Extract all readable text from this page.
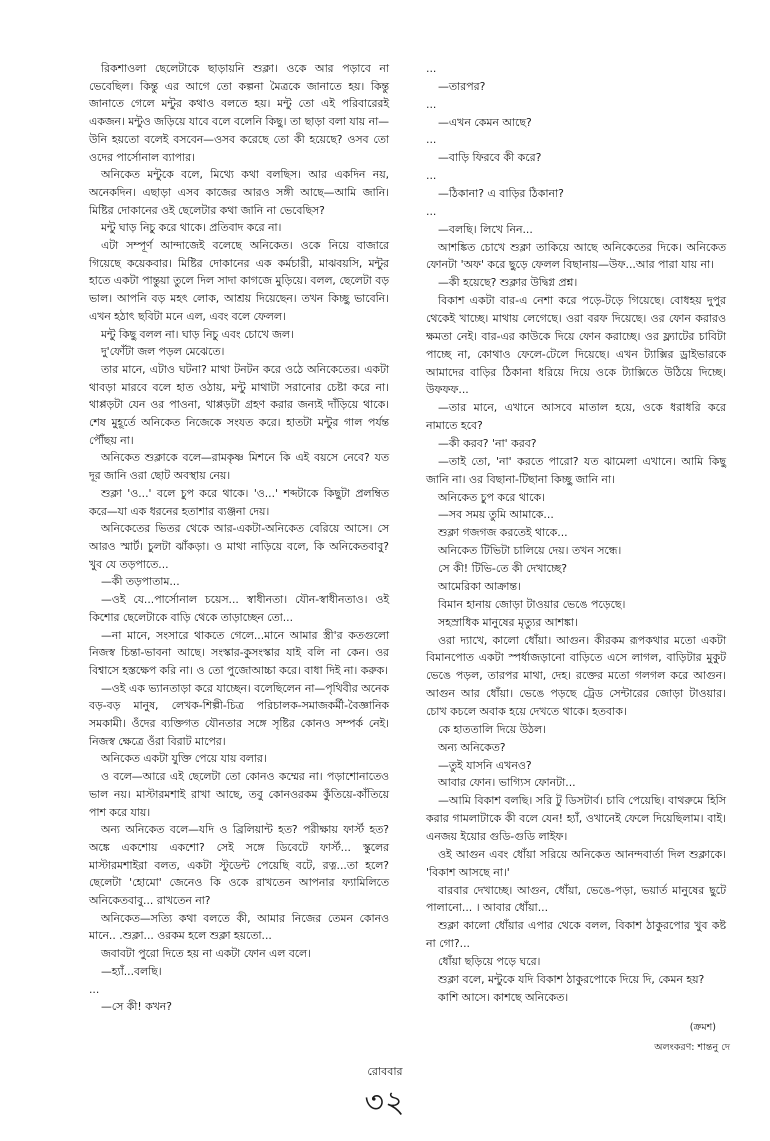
রিকশাওলা ছেলেটাকে ছাড়ায়নি শুক্লা। ওকে আর পড়াবে না ভেবেছিল। কিন্তু এর আগে তো কল্পনা মৈত্রকে জানাতে হয়। কিন্তু জানাতে গেলে মন্টুর কথাও বলতে হয়। মন্টু তো এই পরিবারেরই একজন। মন্টুও জড়িয়ে যাবে বলে বলেনি কিছু। তা ছাড়া বলা যায় না—উনি হয়তো বলেই বসবেন—ওসব করেছে তো কী হয়েছে? ওসব তো ওদের পার্সোনাল ব্যাপার।

অনিকেত মন্টুকে বলে, মিথ্যে কথা বলছিস। আর একদিন নয়, অনেকদিন। এছাড়া এসব কাজের আরও সঙ্গী আছে—আমি জানি। মিষ্টির দোকানের ওই ছেলেটার কথা জানি না ভেবেছিস?

মন্টু ঘাড় নিচু করে থাকে। প্রতিবাদ করে না।

এটা সম্পূর্ণ আন্দাজেই বলেছে অনিকেত। ওকে নিয়ে বাজারে গিয়েছে কয়েকবার। মিষ্টির দোকানের এক কর্মচারী, মাঝবয়সি, মন্টুর হাতে একটা পান্তুয়া তুলে দিল সাদা কাগজে মুড়িয়ে। বলল, ছেলেটা বড় ভাল। আপনি বড় মহৎ লোক, আশ্রয় দিয়েছেন। তখন কিচ্ছু ভাবেনি। এখন হঠাৎ ছবিটা মনে এল, এবং বলে ফেলল।

মন্টু কিছু বলল না। ঘাড় নিচু এবং চোখে জল।

দু'ফোঁটা জল পড়ল মেঝেতে।

তার মানে, এটাও ঘটনা? মাথা টনটন করে ওঠে অনিকেতের। একটা থাবড়া মারবে বলে হাত ওঠায়, মন্টু মাথাটা সরানোর চেষ্টা করে না। থাপ্পড়টা যেন ওর পাওনা, থাপ্পড়টা গ্রহণ করার জন্যই দাঁড়িয়ে থাকে। শেষ মুহূর্তে অনিকেত নিজেকে সংযত করে। হাতটা মন্টুর গাল পর্যন্ত পৌঁছয় না।

অনিকেত শুক্লাকে বলে—রামকৃষ্ণ মিশনে কি এই বয়সে নেবে? যত দূর জানি ওরা ছোট অবস্থায় নেয়।

শুক্লা 'ও...' বলে চুপ করে থাকে। 'ও...' শব্দটাকে কিছুটা প্রলম্বিত করে—যা এক ধরনের হতাশার ব্যঞ্জনা দেয়।

অনিকেতের ভিতর থেকে আর-একটা-অনিকেত বেরিয়ে আসে। সে আরও স্মার্ট। চুলটা ঝাঁকড়া। ও মাথা নাড়িয়ে বলে, কি অনিকেতবাবু? খুব যে তড়পাতে...

—কী তড়পাতাম...

—ওই যে...পার্সোনাল চয়েস... স্বাধীনতা। যৌন-স্বাধীনতাও। ওই কিশোর ছেলেটাকে বাড়ি থেকে তাড়াচ্ছেন তো...

—না মানে, সংসারে থাকতে গেলে...মানে আমার স্ত্রী'র কতগুলো নিজস্ব চিন্তা-ভাবনা আছে। সংস্কার-কুসংস্কার যাই বলি না কেন। ওর বিশ্বাসে হস্তক্ষেপ করি না। ও তো পুজোআচ্চা করে। বাধা দিই না। করুক।

—ওই এক ভ্যানতাড়া করে যাচ্ছেন। বলেছিলেন না—পৃথিবীর অনেক বড়-বড় মানুষ, লেখক-শিল্পী-চিত্র পরিচালক-সমাজকর্মী-বৈজ্ঞানিক সমকামী। ওঁদের ব্যক্তিগত যৌনতার সঙ্গে সৃষ্টির কোনও সম্পর্ক নেই। নিজস্ব ক্ষেত্রে ওঁরা বিরাট মাপের।

অনিকেত একটা যুক্তি পেয়ে যায় বলার।

ও বলে—আরে এই ছেলেটা তো কোনও কম্মের না। পড়াশোনাতেও ভাল নয়। মাস্টারমশাই রাখা আছে, তবু কোনওরকম কুঁতিয়ে-কাঁতিয়ে পাশ করে যায়।

অন্য অনিকেত বলে—যদি ও ব্রিলিয়ান্ট হত? পরীক্ষায় ফার্স্ট হত? অঙ্কে একশোয় একশো? সেই সঙ্গে ডিবেটে ফার্স্ট... স্কুলের মাস্টারমশাইরা বলত, একটা স্টুডেন্ট পেয়েছি বটে, রত্ন...তা হলে? ছেলেটা 'হোমো' জেনেও কি ওকে রাখতেন আপনার ফ্যামিলিতে অনিকেতবাবু... রাখতেন না?

অনিকেত—সত্যি কথা বলতে কী, আমার নিজের তেমন কোনও মানে.. .শুক্লা... ওরকম হলে শুক্লা হয়তো...

জবাবটা পুরো দিতে হয় না একটা ফোন এল বলে।

—হ্যাঁ...বলছি।

...

—সে কী! কখন?

...

—তারপর?

...

—এখন কেমন আছে?

...

—বাড়ি ফিরবে কী করে?

...

—ঠিকানা? এ বাড়ির ঠিকানা?

...

—বলছি। লিখে নিন...

আশঙ্কিত চোখে শুক্লা তাকিয়ে আছে অনিকেতের দিকে। অনিকেত ফোনটা 'অফ' করে ছুড়ে ফেলল বিছানায়—উফ...আর পারা যায় না।

—কী হয়েছে? শুক্লার উদ্বিগ্ন প্রশ্ন।

বিকাশ একটা বার-এ নেশা করে পড়ে-টড়ে গিয়েছে। বোধহয় দুপুর থেকেই খাচ্ছে। মাথায় লেগেছে। ওরা বরফ দিয়েছে। ওর ফোন করারও ক্ষমতা নেই। বার-এর কাউকে দিয়ে ফোন করাচ্ছে। ওর ফ্ল্যাটের চাবিটা পাচ্ছে না, কোথাও ফেলে-টেলে দিয়েছে। এখন ট্যাক্সির ড্রাইভারকে আমাদের বাড়ির ঠিকানা ধরিয়ে দিয়ে ওকে ট্যাক্সিতে উঠিয়ে দিচ্ছে। উফফফ...

—তার মানে, এখানে আসবে মাতাল হয়ে, ওকে ধরাধরি করে নামাতে হবে?

—কী করব? 'না' করব?

—তাই তো, 'না' করতে পারো? যত ঝামেলা এখানে। আমি কিছু জানি না। ওর বিছানা-টিছানা কিচ্ছু জানি না।

অনিকেত চুপ করে থাকে।

—সব সময় তুমি আমাকে...

শুক্লা গজগজ করতেই থাকে...

অনিকেত টিভিটা চালিয়ে দেয়। তখন সন্ধে।

সে কী! টিভি-তে কী দেখাচ্ছে?

আমেরিকা আক্রান্ত।

বিমান হানায় জোড়া টাওয়ার ভেঙে পড়েছে।

সহস্রাধিক মানুষের মৃত্যুর আশঙ্কা।

ওরা দ্যাখে, কালো ধোঁয়া। আগুন। কীরকম রূপকথার মতো একটা বিমানপোত একটা স্পর্ধাজড়ানো বাড়িতে এসে লাগল, বাড়িটার মুকুট ভেঙে পড়ল, তারপর মাথা, দেহ। রক্তের মতো গলগল করে আগুন। আগুন আর ধোঁয়া। ভেঙে পড়ছে ট্রেড সেন্টারের জোড়া টাওয়ার। চোখ কচলে অবাক হয়ে দেখতে থাকে। হতবাক।

কে হাততালি দিয়ে উঠল।

অন্য অনিকেত?

—তুই যাসনি এখনও?

আবার ফোন। ভাগ্যিস ফোনটা...

—আমি বিকাশ বলছি। সরি টু ডিসটার্ব। চাবি পেয়েছি। বাথরুমে হিসি করার গামলাটাকে কী বলে যেন! হ্যাঁ, ওখানেই ফেলে দিয়েছিলাম। বাই। এনজয় ইয়োর গুডি-গুডি লাইফ।

ওই আগুন এবং ধোঁয়া সরিয়ে অনিকেত আনন্দবার্তা দিল শুক্লাকে। 'বিকাশ আসছে না।'

বারবার দেখাচ্ছে। আগুন, ধোঁয়া, ভেঙে-পড়া, ভয়ার্ত মানুষের ছুটে পালানো... । আবার ধোঁয়া...

শুক্লা কালো ধোঁয়ার এপার থেকে বলল, বিকাশ ঠাকুরপোর খুব কষ্ট না গো?...

ধোঁয়া ছড়িয়ে পড়ে ঘরে।

শুক্লা বলে, মন্টুকে যদি বিকাশ ঠাকুরপোকে দিয়ে দি, কেমন হয়?

কাশি আসে। কাশছে অনিকেত।

(ক্রমশ)
অলংকরণ: শান্তনু দে
রোববার
৩২
